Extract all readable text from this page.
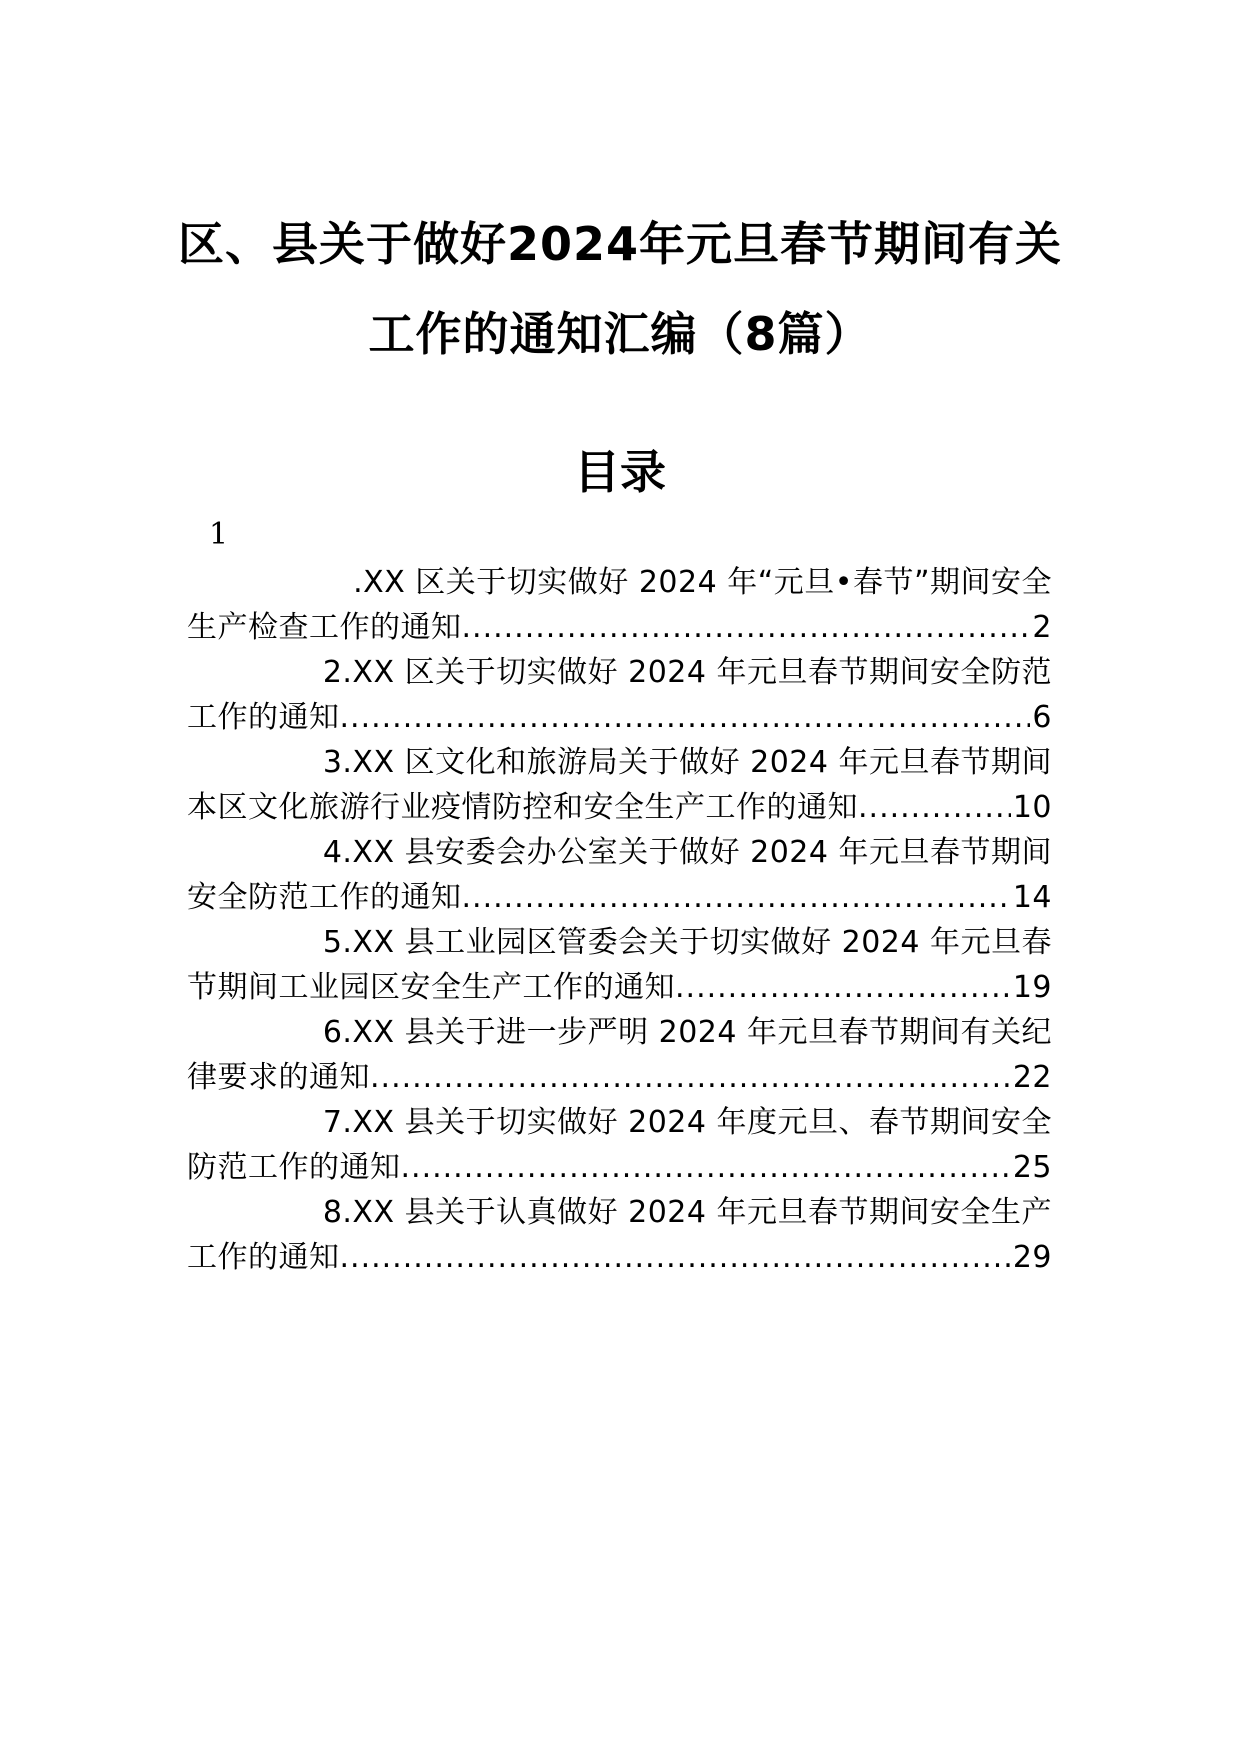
区、县关于做好2024年元旦春节期间有关
工作的通知汇编（8篇）
目录
1
.XX 区关于切实做好 2024 年“元旦•春节”期间安全
生产检查工作的通知 .....	2
2.XX 区关于切实做好 2024 年元旦春节期间安全防范
工作的通知 .....	6
3.XX 区文化和旅游局关于做好 2024 年元旦春节期间
本区文化旅游行业疫情防控和安全生产工作的通知 .....	10
4.XX 县安委会办公室关于做好 2024 年元旦春节期间
安全防范工作的通知 .....	14
5.XX 县工业园区管委会关于切实做好 2024 年元旦春
节期间工业园区安全生产工作的通知 .....	19
6.XX 县关于进一步严明 2024 年元旦春节期间有关纪
律要求的通知 .....	22
7.XX 县关于切实做好 2024 年度元旦、春节期间安全
防范工作的通知 .....	25
8.XX 县关于认真做好 2024 年元旦春节期间安全生产
工作的通知 .....	29
